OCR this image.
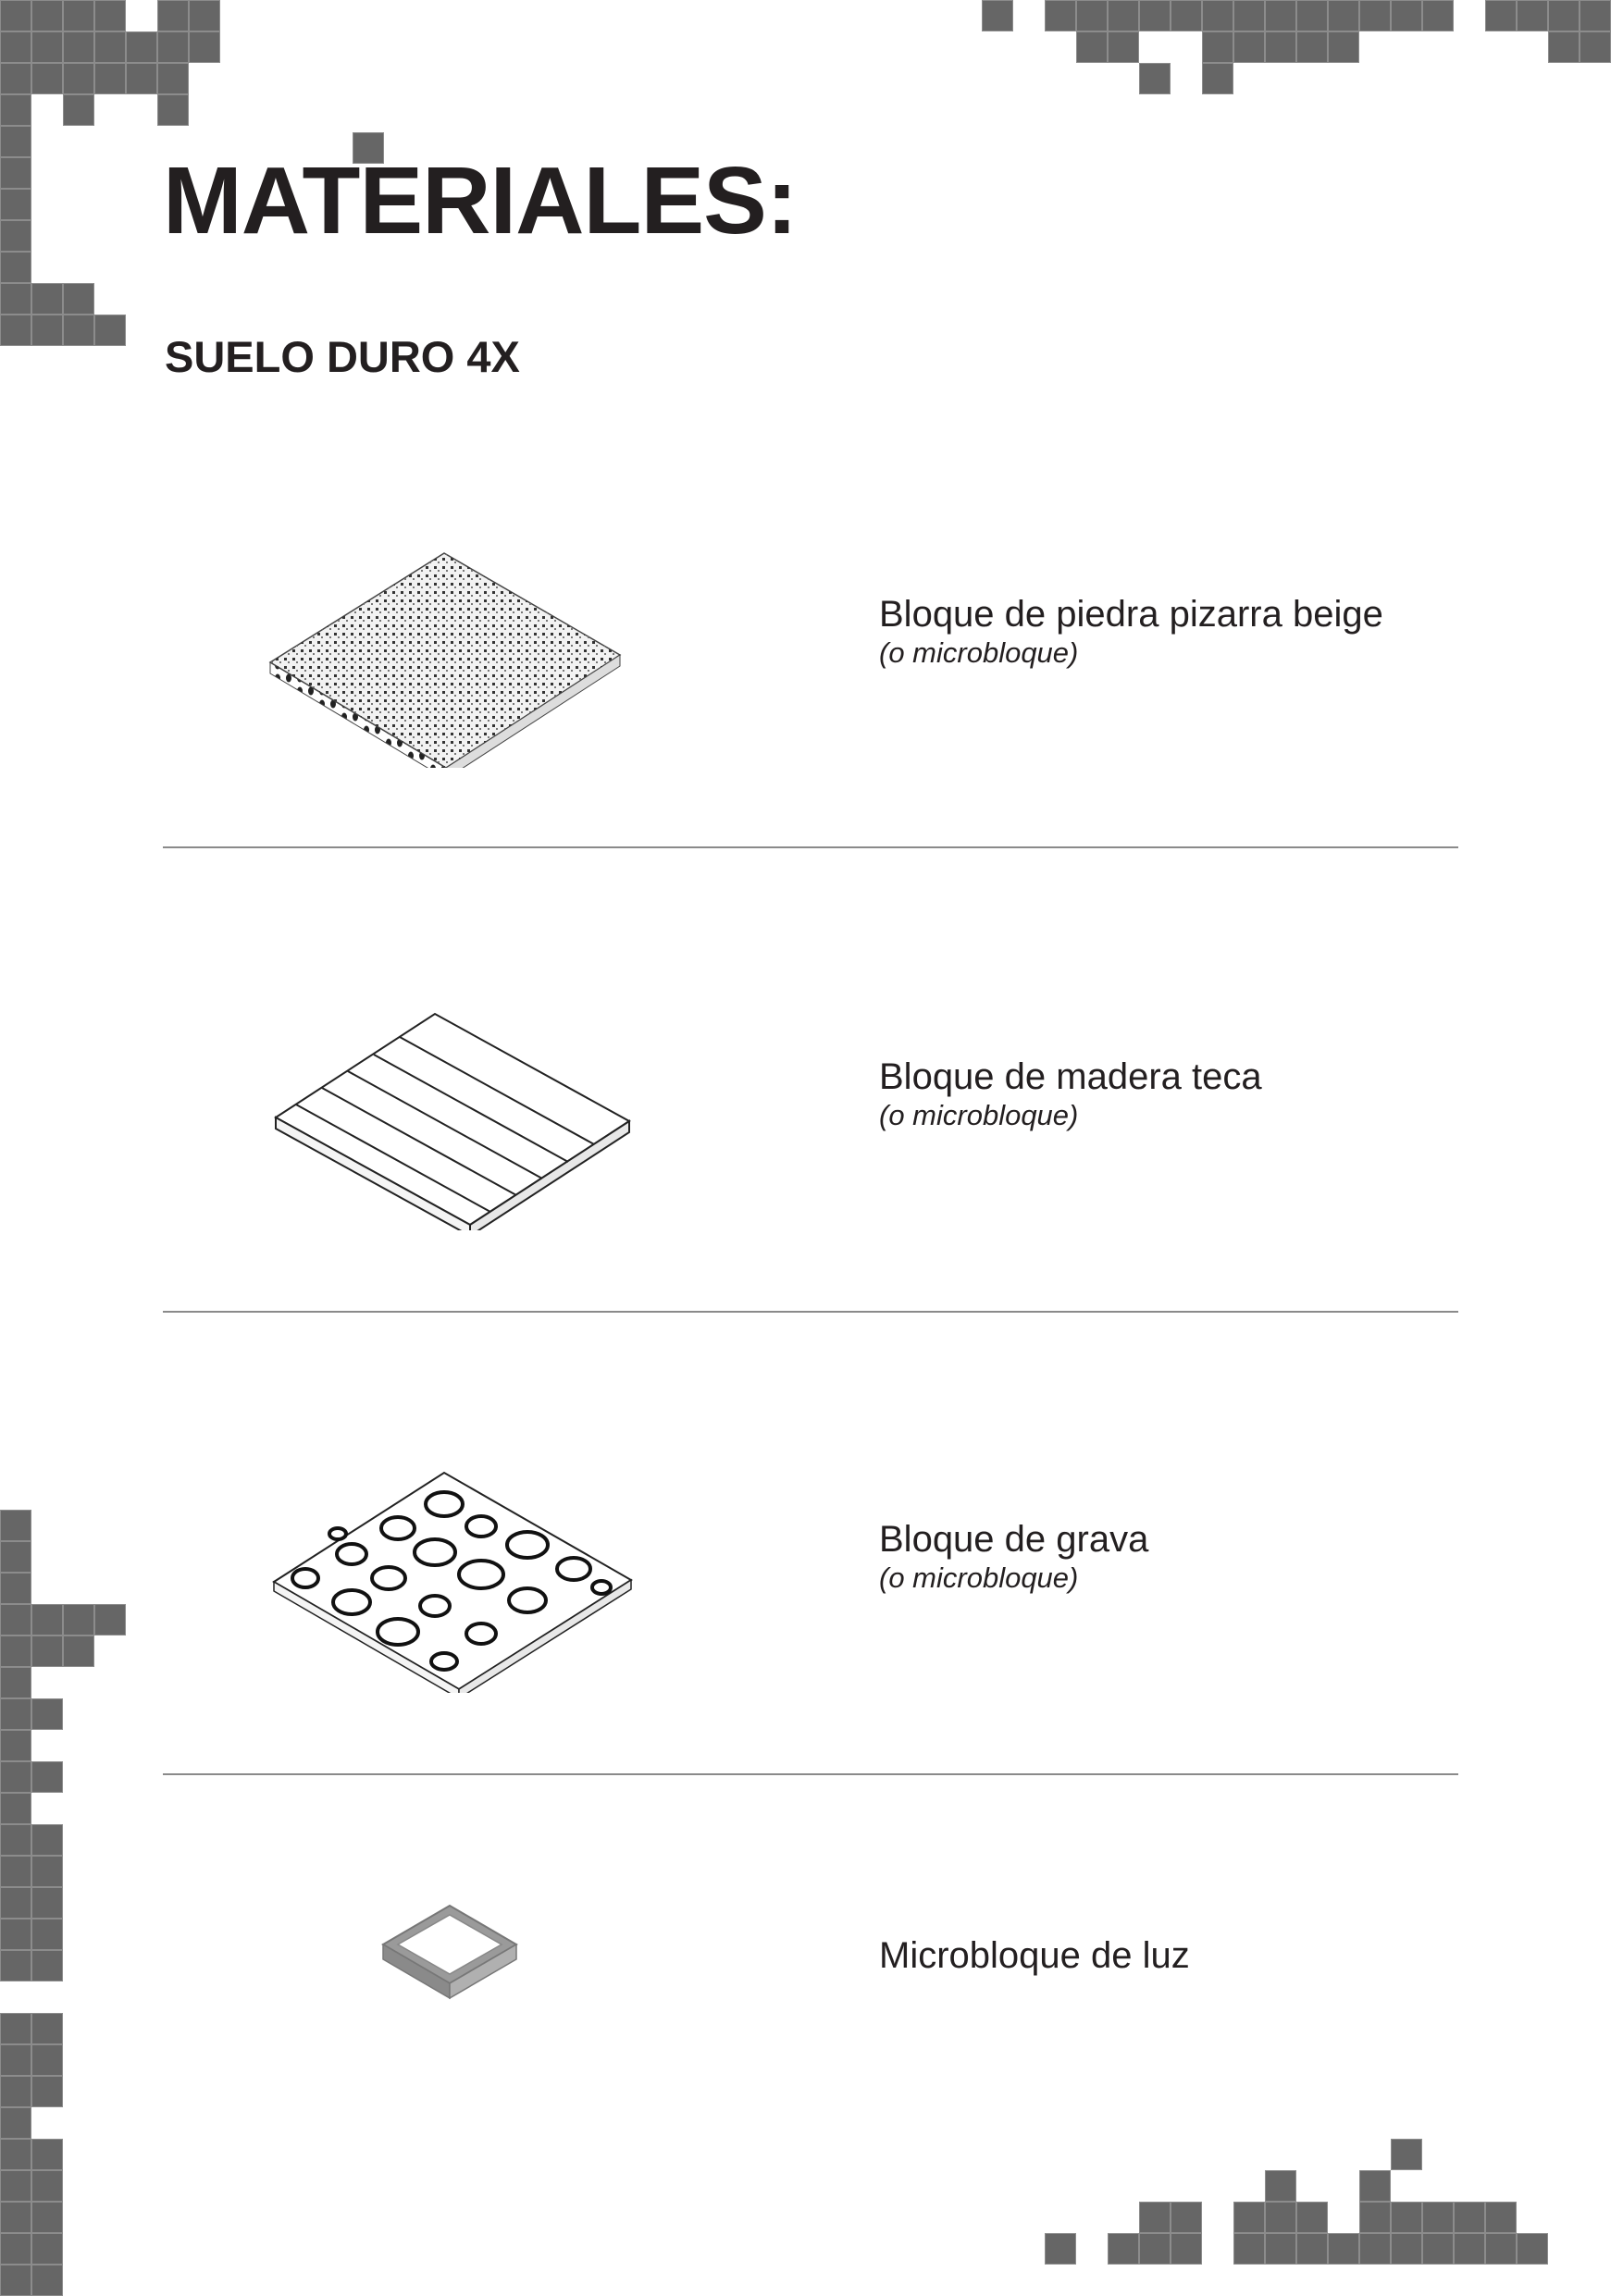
MATERIALES:
SUELO DURO 4X
Bloque de piedra pizarra beige
(o microbloque)
Bloque de madera teca
(o microbloque)
Bloque de grava
(o microbloque)
Microbloque de luz
